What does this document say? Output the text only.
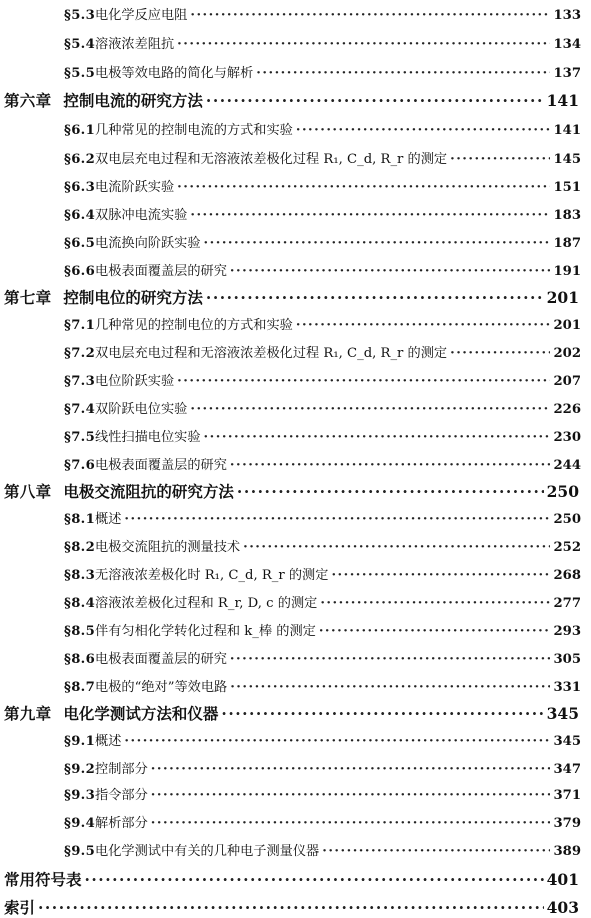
§5.3 电化学反应电阻 ·····	133
§5.4 溶液浓差阻抗 ·····	134
§5.5 电极等效电路的简化与解析 ·····	137
第六章 控制电流的研究方法 ·····	141
§6.1 几种常见的控制电流的方式和实验 ·····	141
§6.2 双电层充电过程和无溶液浓差极化过程 R₁, C_d, R_r 的测定 ·····	145
§6.3 电流阶跃实验 ·····	151
§6.4 双脉冲电流实验 ·····	183
§6.5 电流换向阶跃实验 ·····	187
§6.6 电极表面覆盖层的研究 ·····	191
第七章 控制电位的研究方法 ·····	201
§7.1 几种常见的控制电位的方式和实验 ·····	201
§7.2 双电层充电过程和无溶液浓差极化过程 R₁, C_d, R_r 的测定 ·····	202
§7.3 电位阶跃实验 ·····	207
§7.4 双阶跃电位实验 ·····	226
§7.5 线性扫描电位实验 ·····	230
§7.6 电极表面覆盖层的研究 ·····	244
第八章 电极交流阻抗的研究方法 ·····	250
§8.1 概述 ·····	250
§8.2 电极交流阻抗的测量技术 ·····	252
§8.3 无溶液浓差极化时 R₁, C_d, R_r 的测定 ·····	268
§8.4 溶液浓差极化过程和 R_r, D, c 的测定 ·····	277
§8.5 伴有匀相化学转化过程和 k_棒 的测定 ·····	293
§8.6 电极表面覆盖层的研究 ·····	305
§8.7 电极的“绝对”等效电路 ·····	331
第九章 电化学测试方法和仪器 ·····	345
§9.1 概述 ·····	345
§9.2 控制部分 ·····	347
§9.3 指令部分 ·····	371
§9.4 解析部分 ·····	379
§9.5 电化学测试中有关的几种电子测量仪器 ·····	389
常用符号表 ·····	401
索引 ·····	403
